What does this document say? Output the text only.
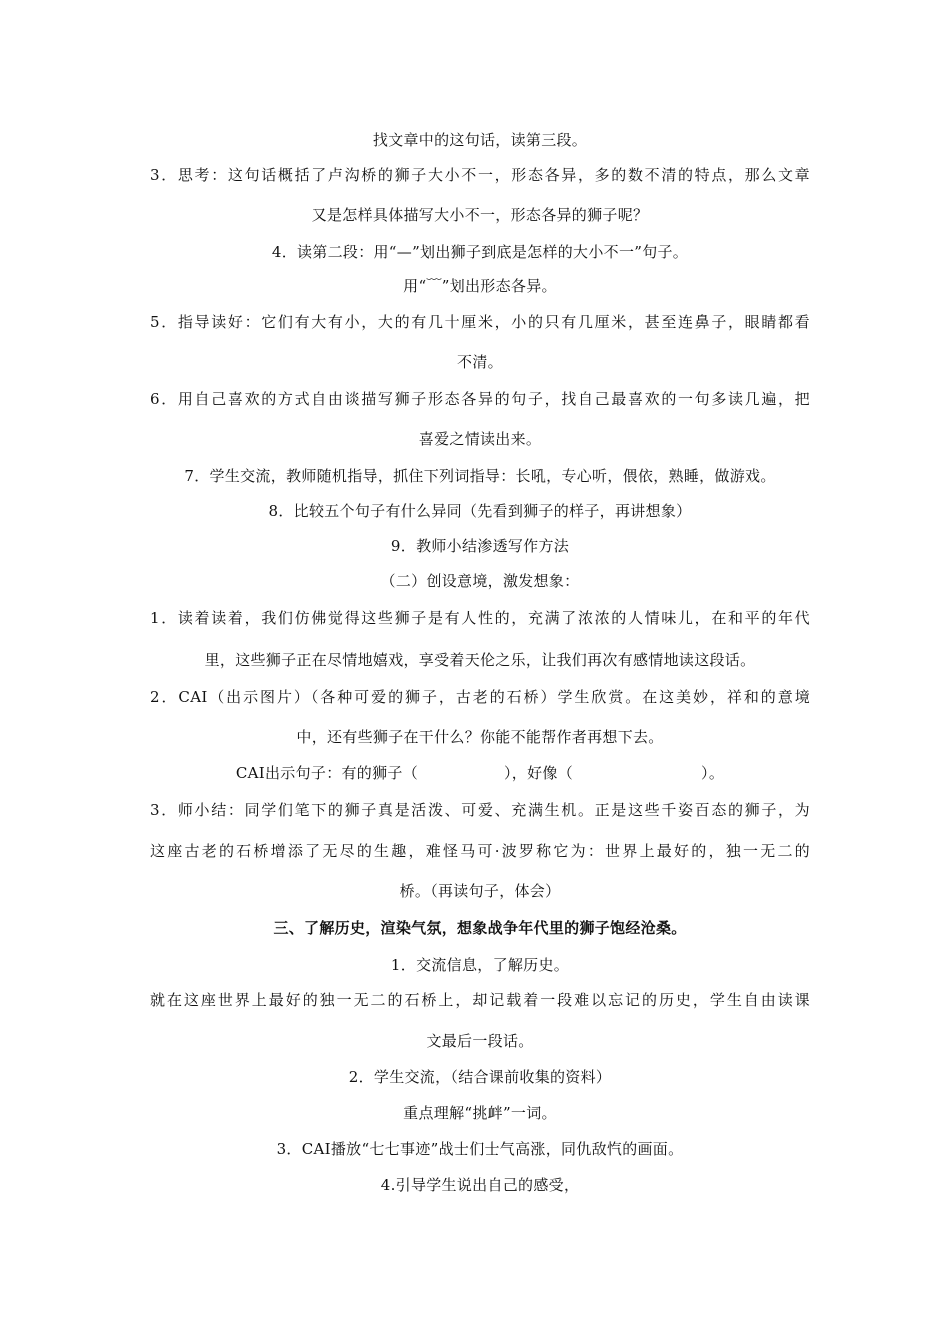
找文章中的这句话，读第三段。
3．思考：这句话概括了卢沟桥的狮子大小不一，形态各异，多的数不清的特点，那么文章
又是怎样具体描写大小不一，形态各异的狮子呢？
4．读第二段：用“—”划出狮子到底是怎样的大小不一”句子。
用“﹋”划出形态各异。
5．指导读好：它们有大有小，大的有几十厘米，小的只有几厘米，甚至连鼻子，眼睛都看
不清。
6．用自己喜欢的方式自由谈描写狮子形态各异的句子，找自己最喜欢的一句多读几遍，把
喜爱之情读出来。
7．学生交流，教师随机指导，抓住下列词指导：长吼，专心听，偎依，熟睡，做游戏。
8．比较五个句子有什么异同（先看到狮子的样子，再讲想象）
9．教师小结渗透写作方法
（二）创设意境，激发想象：
1．读着读着，我们仿佛觉得这些狮子是有人性的，充满了浓浓的人情味儿，在和平的年代
里，这些狮子正在尽情地嬉戏，享受着天伦之乐，让我们再次有感情地读这段话。
2．CAI（出示图片）（各种可爱的狮子，古老的石桥）学生欣赏。在这美妙，祥和的意境
中，还有些狮子在干什么？你能不能帮作者再想下去。
CAI出示句子：有的狮子（	），好像（	）。
3．师小结：同学们笔下的狮子真是活泼、可爱、充满生机。正是这些千姿百态的狮子，为
这座古老的石桥增添了无尽的生趣，难怪马可·波罗称它为：世界上最好的，独一无二的
桥。（再读句子，体会）
三、了解历史，渲染气氛，想象战争年代里的狮子饱经沧桑。
1．交流信息，了解历史。
就在这座世界上最好的独一无二的石桥上，却记载着一段难以忘记的历史，学生自由读课
文最后一段话。
2．学生交流，（结合课前收集的资料）
重点理解“挑衅”一词。
3．CAI播放“七七事迹”战士们士气高涨，同仇敌忾的画面。
4.引导学生说出自己的感受，
